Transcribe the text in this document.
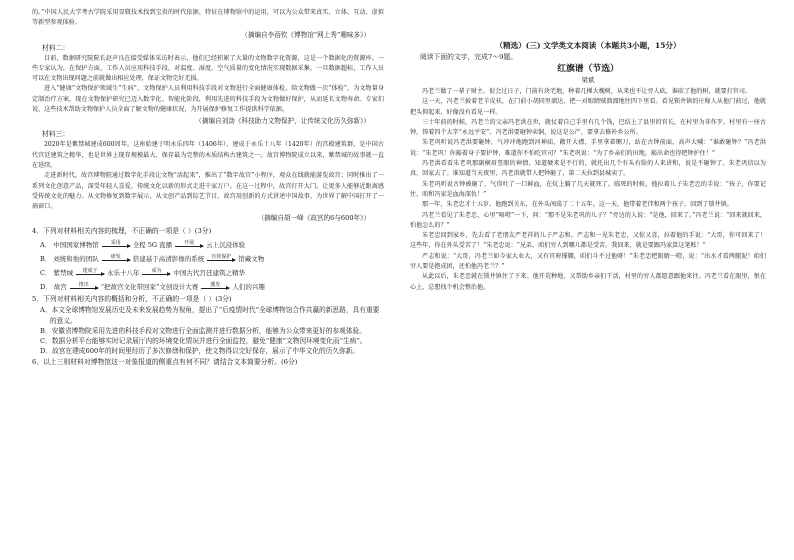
的。”中国人民大学考古学院采用显微技术找到宝贵的时代依据，特征在博物馆中的运用，可以为公众带来真实、立体、互动、虚拟等新型参观体验。

（摘编自李蓓钦《博物馆“网上秀”趣味多》）

材料二：

目前，数据研究院院长赵声良在接受媒体采访时表示，他们已经积累了大量的文物数字化资源，这是一个数据化的资源库。一些专家认为，在保护方面，工作人员应用科技手段，对温度、湿度、空气质量的变化情况实现数据采集，一旦数据超标，工作人员可以在文物出现问题之前就做出相应处理，保证文物完好无损。

进入“健康”文物保护领域生“生病”，文物保护人员利用科技手段对文物进行全面健康体检，给文物做一次“体检”，为文物量身定制治疗方案，现在文物保护研究已迈入数字化、智能化阶段，利用先进的科技手段为文物做好保护，从而延长文物寿命。专家们说，这些技术帮助文物保护人员全面了解文物的健康状况，为开展保护修复工作提供科学依据。

（摘编自刘劼《科技助力文物保护，让传统文化历久弥新》）

材料三：

2020年是紫禁城建成600周年。这座始建于明永乐四年（1406年），建成于永乐十八年（1420年）的宫殿建筑群，是中国古代宫廷建筑之精华，也是世界上现存规模最大、保存最为完整的木质结构古建筑之一。故宫博物院成立以来，紫禁城的故事就一直在延续。

走进新时代，故宫博物院通过数字化手段让文物“活起来”，推出了“数字故宫”小程序，观众在线就能游览故宫；同时推出了一系列文化创意产品，深受年轻人喜爱，传统文化以新的形式走进千家万户。在这一过程中，故宫打开大门，让更多人能够近距离感受传统文化的魅力。从文物修复到数字展示，从文创产品到综艺节目，故宫用创新的方式讲述中国故事，为世界了解中国打开了一扇窗口。

（摘编自胡一峰《故宫的6与600年》）

4．下列对材料相关内容的梳理，不正确的一项是（ ）(3分)

A． 中国国家博物馆 采用 全程 5G 直播 开展 云上沉浸体验
B． 刘统和他的团队 研发 搭建基于高清影像的系统 有效保护 馆藏文物
C． 紫禁城 建成于 永乐十八年 成为 中国古代宫廷建筑之精华
D． 故宫 推出 “把故宫文化带回家”文创设计大赛 激发 人们的兴趣

5．下列对材料相关内容的概括和分析，不正确的一项是（ ）(3分)

A．本文全球博物馆发展历史及未来发展趋势为视角，提出了“后疫情时代”全球博物馆合作共赢的新思路，具有重要的意义。
B．安徽省博物院采用先进的科技手段对文物进行全面监测并进行数据分析，能够为公众带来更好的参观体验。
C．数据分析平台能够实时记录展厅内的环境变化情况并进行全面监控，避免“健康”文物因环境变化而“生病”。
D．故宫在建成600年的时间里经历了多次修缮和保护，使文物得以完好保存，展示了中华文化的历久弥新。

6．以上三则材料对博物馆这一对象报道的侧重点有何不同？请结合文本简要分析。(6分)

（精选）(三) 文学类文本阅读（本题共3小题，15分）

阅读下面的文字，完成7～9题。

红旗谱（节选）

梁斌

冯老兰做了一辈子财主，很会过日子，门前有块宅地，种着几棵大槐树，从来也不让旁人砍，谁砍了他的树，就要打官司。

这一天，冯老兰披着老羊皮袄，在门前小胡同里溜达，把一对眼睛贼溜溜地往四下里看。看见锁井镇的庄稼人从他门前过，他就把头仰起来，好像没有看见一样。

三十年前的时候，冯老兰的父亲冯老洪在世，就仗着自己手里有几个钱，巴结上了县里的官长，在村里为非作歹。村里有一座古钟，铸着四个大字“永远平安”。冯老洪要砸钟卖铜，说这是公产，要拿去修补乡公所。

朱老巩听说冯老洪要砸钟，气冲冲地跑到河神庙，敞开大襟，手里拿着铡刀，站在古钟前面，高声大喊：“谁敢砸钟？”冯老洪说：“朱老巩！你豁着身子要护钟，难道你不怕吃官司？”朱老巩说：“为了乡亲们的田地，豁出命也得把钟护住！”

冯老洪看看朱老巩那副横眉竖眼的神情，知道硬来是不行的，就托出几个有头有脸的人来讲和，说是不砸钟了。朱老巩信以为真，回家去了。谁知道当天夜里，冯老洪就带人把钟砸了，第二天拉到县城卖了。

朱老巩听说古钟被砸了，气得吐了一口鲜血，在炕上躺了几天就死了。临死的时候，他拉着儿子朱老忠的手说：“孩子，你要记住，咱和冯家是血海深仇！”

那一年，朱老忠才十五岁。他跑到关东，在外头闯荡了二十五年。这一天，他带着老伴和两个孩子，回到了锁井镇。

冯老兰看见了朱老忠，心里“咯噔”一下，问：“那不是朱老巩的儿子？”旁边的人说：“是他，回来了。”冯老兰说：“回来就回来，怕他怎么的？”

朱老忠回到家乡，先去看了老朋友严老祥的儿子严志和。严志和一见朱老忠，又惊又喜，拉着他的手说：“大哥，你可回来了！这些年，你在外头受苦了！”朱老忠说：“兄弟，咱们穷人到哪儿都是受苦。我回来，就是要跟冯家算这笔账！”

严志和说：“大哥，冯老兰如今家大业大，又有官府撑腰，咱们斗不过他呀！”朱老忠把眼睛一瞪，说：“出水才看两腿泥！咱们穷人要是抱成团，还怕他冯老兰？”

从此以后，朱老忠就在锁井镇住了下来。他开荒种地，又帮助乡亲们干活，村里的穷人都愿意跟他来往。冯老兰看在眼里，恨在心上，总想找个机会整治他。
